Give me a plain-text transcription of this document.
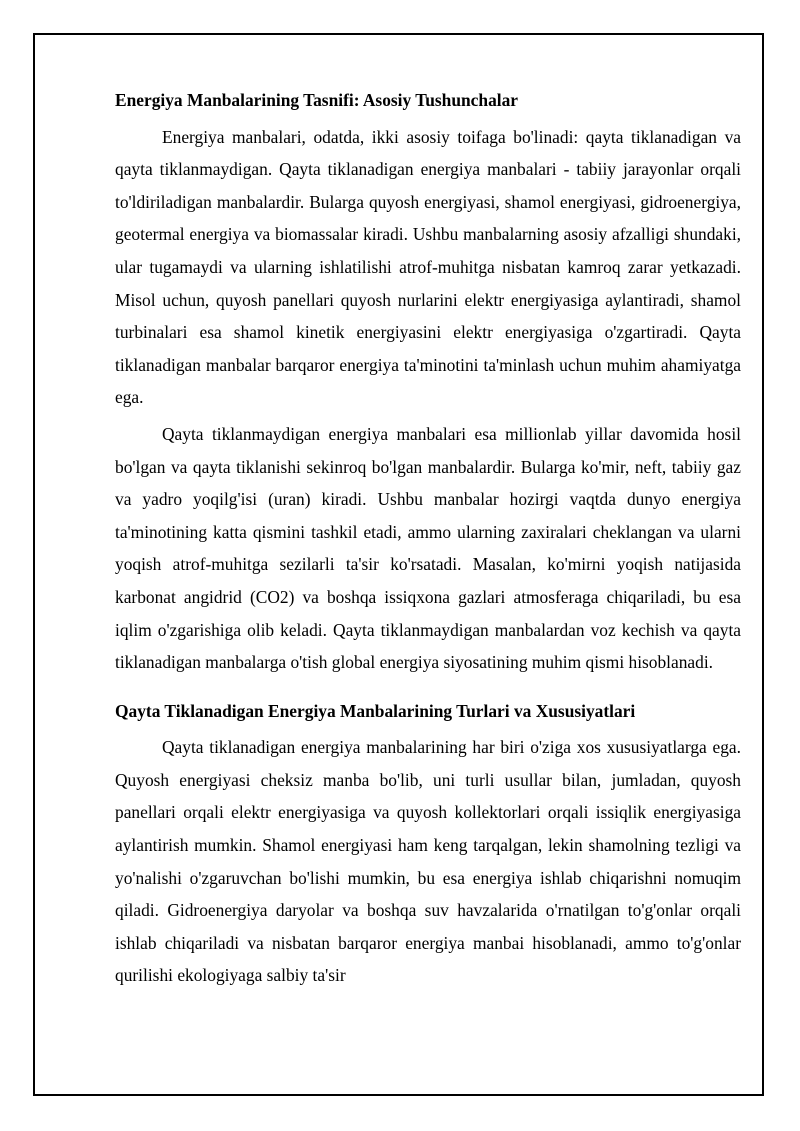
Energiya Manbalarining Tasnifi: Asosiy Tushunchalar

Energiya manbalari, odatda, ikki asosiy toifaga bo'linadi: qayta tiklanadigan va qayta tiklanmaydigan. Qayta tiklanadigan energiya manbalari - tabiiy jarayonlar orqali to'ldiriladigan manbalardir. Bularga quyosh energiyasi, shamol energiyasi, gidroenergiya, geotermal energiya va biomassalar kiradi. Ushbu manbalarning asosiy afzalligi shundaki, ular tugamaydi va ularning ishlatilishi atrof-muhitga nisbatan kamroq zarar yetkazadi. Misol uchun, quyosh panellari quyosh nurlarini elektr energiyasiga aylantiradi, shamol turbinalari esa shamol kinetik energiyasini elektr energiyasiga o'zgartiradi. Qayta tiklanadigan manbalar barqaror energiya ta'minotini ta'minlash uchun muhim ahamiyatga ega.

Qayta tiklanmaydigan energiya manbalari esa millionlab yillar davomida hosil bo'lgan va qayta tiklanishi sekinroq bo'lgan manbalardir. Bularga ko'mir, neft, tabiiy gaz va yadro yoqilg'isi (uran) kiradi. Ushbu manbalar hozirgi vaqtda dunyo energiya ta'minotining katta qismini tashkil etadi, ammo ularning zaxiralari cheklangan va ularni yoqish atrof-muhitga sezilarli ta'sir ko'rsatadi. Masalan, ko'mirni yoqish natijasida karbonat angidrid (CO2) va boshqa issiqxona gazlari atmosferaga chiqariladi, bu esa iqlim o'zgarishiga olib keladi. Qayta tiklanmaydigan manbalardan voz kechish va qayta tiklanadigan manbalarga o'tish global energiya siyosatining muhim qismi hisoblanadi.

Qayta Tiklanadigan Energiya Manbalarining Turlari va Xususiyatlari

Qayta tiklanadigan energiya manbalarining har biri o'ziga xos xususiyatlarga ega. Quyosh energiyasi cheksiz manba bo'lib, uni turli usullar bilan, jumladan, quyosh panellari orqali elektr energiyasiga va quyosh kollektorlari orqali issiqlik energiyasiga aylantirish mumkin. Shamol energiyasi ham keng tarqalgan, lekin shamolning tezligi va yo'nalishi o'zgaruvchan bo'lishi mumkin, bu esa energiya ishlab chiqarishni nomuqim qiladi. Gidroenergiya daryolar va boshqa suv havzalarida o'rnatilgan to'g'onlar orqali ishlab chiqariladi va nisbatan barqaror energiya manbai hisoblanadi, ammo to'g'onlar qurilishi ekologiyaga salbiy ta'sir
